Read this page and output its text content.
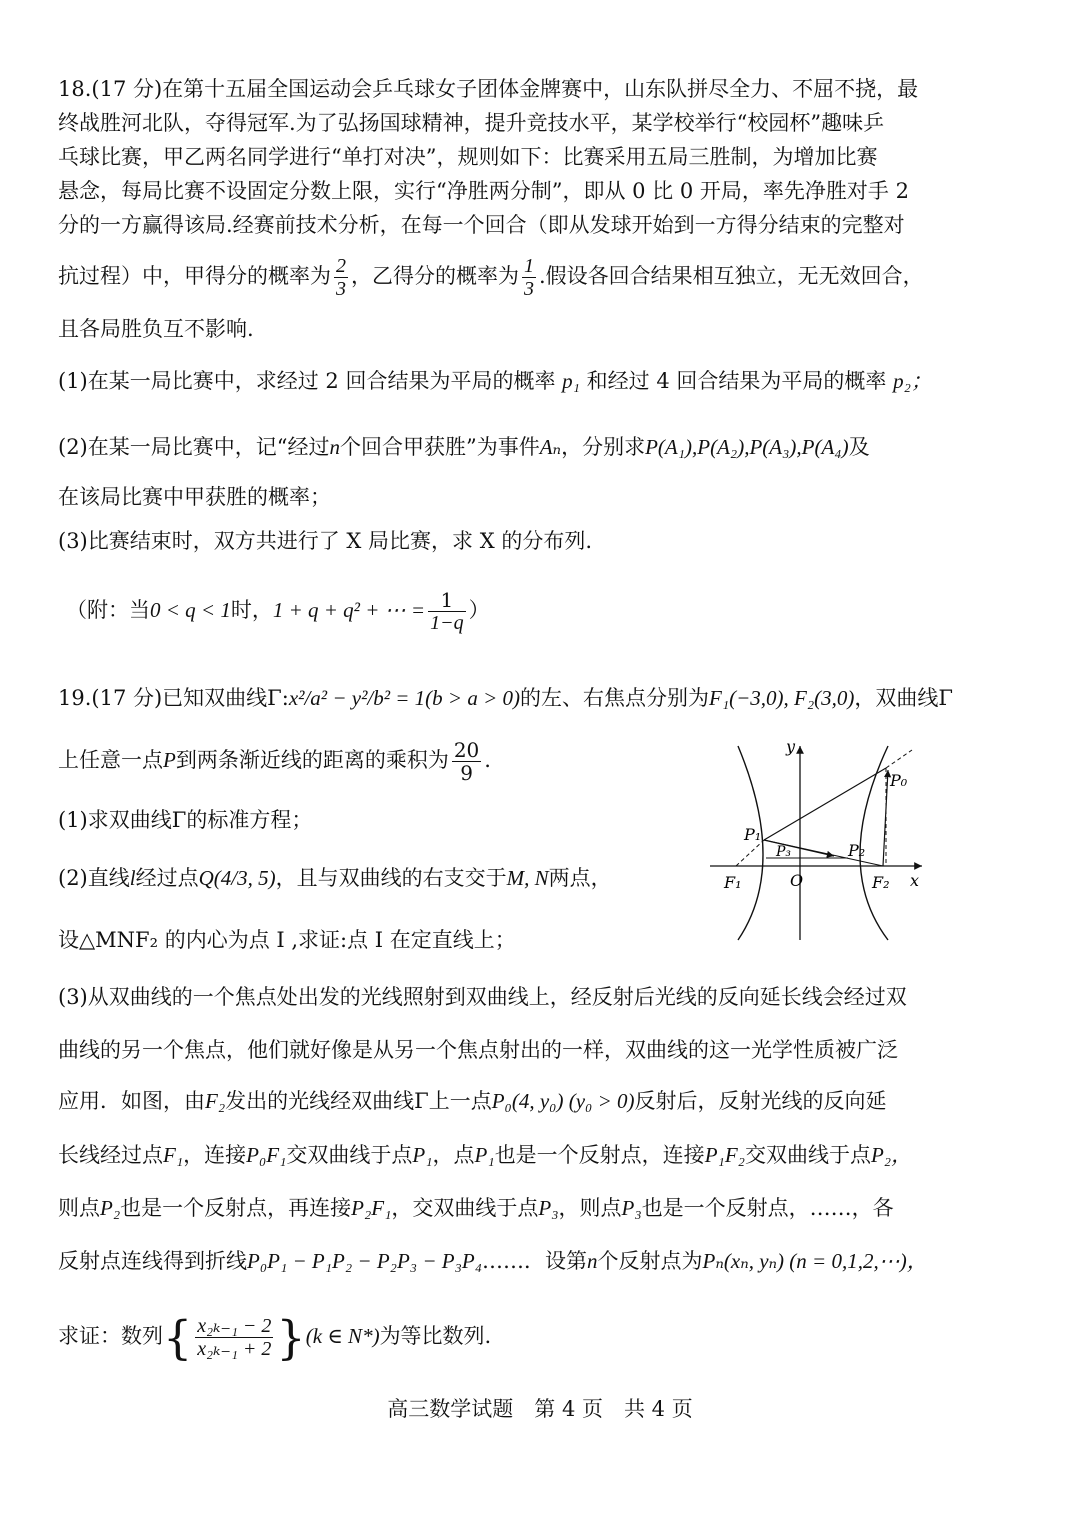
18.(17 分)在第十五届全国运动会乒乓球女子团体金牌赛中，山东队拼尽全力、不屈不挠，最
终战胜河北队，夺得冠军.为了弘扬国球精神，提升竞技水平，某学校举行“校园杯”趣味乒
乓球比赛，甲乙两名同学进行“单打对决”，规则如下：比赛采用五局三胜制，为增加比赛
悬念，每局比赛不设固定分数上限，实行“净胜两分制”，即从 0 比 0 开局，率先净胜对手 2
分的一方赢得该局.经赛前技术分析，在每一个回合（即从发球开始到一方得分结束的完整对
抗过程）中，甲得分的概率为 $\frac{2}{3}$ ，乙得分的概率为 $\frac{1}{3}$ .假设各回合结果相互独立，无无效回合，
且各局胜负互不影响.
(1)在某一局比赛中，求经过 2 回合结果为平局的概率 p₁ 和经过 4 回合结果为平局的概率 p₂；
(2)在某一局比赛中，记“经过n个回合甲获胜”为事件Aₙ，分别求P(A₁),P(A₂),P(A₃),P(A₄)及
在该局比赛中甲获胜的概率；
(3)比赛结束时，双方共进行了 X 局比赛，求 X 的分布列.
（附：当0 < q < 1时，1 + q + q² + ⋯ = $\frac{1}{1-q}$ ）
19.(17 分)已知双曲线Γ:x²/a² − y²/b² = 1(b > a > 0)的左、右焦点分别为F₁(−3,0), F₂(3,0)，双曲线Γ
上任意一点P到两条渐近线的距离的乘积为 $\frac{20}{9}$ .
(1)求双曲线Γ的标准方程；
(2)直线l经过点Q(4/3, 5)，且与双曲线的右支交于M, N两点，
设△MNF₂ 的内心为点 I ,求证:点 I 在定直线上；
y
x
O
F₁	F₂
P₀
P₁
P₂
P₃
(3)从双曲线的一个焦点处出发的光线照射到双曲线上，经反射后光线的反向延长线会经过双
曲线的另一个焦点，他们就好像是从另一个焦点射出的一样，双曲线的这一光学性质被广泛
应用．如图，由F₂发出的光线经双曲线Γ上一点P₀(4, y₀) (y₀ > 0)反射后，反射光线的反向延
长线经过点F₁，连接P₀F₁交双曲线于点P₁，点P₁也是一个反射点，连接P₁F₂交双曲线于点P₂，
则点P₂也是一个反射点，再连接P₂F₁，交双曲线于点P₃，则点P₃也是一个反射点，……，各
反射点连线得到折线P₀P₁ − P₁P₂ − P₂P₃ − P₃P₄……．设第n个反射点为Pₙ(xₙ, yₙ) (n = 0,1,2,⋯)，
求证：数列{ $\frac{\text{x₂ₖ₋₁ − 2}}{\text{x₂ₖ₋₁ + 2}} \}(k$ ∈ N*)为等比数列.
高三数学试题　第 4 页　共 4 页
